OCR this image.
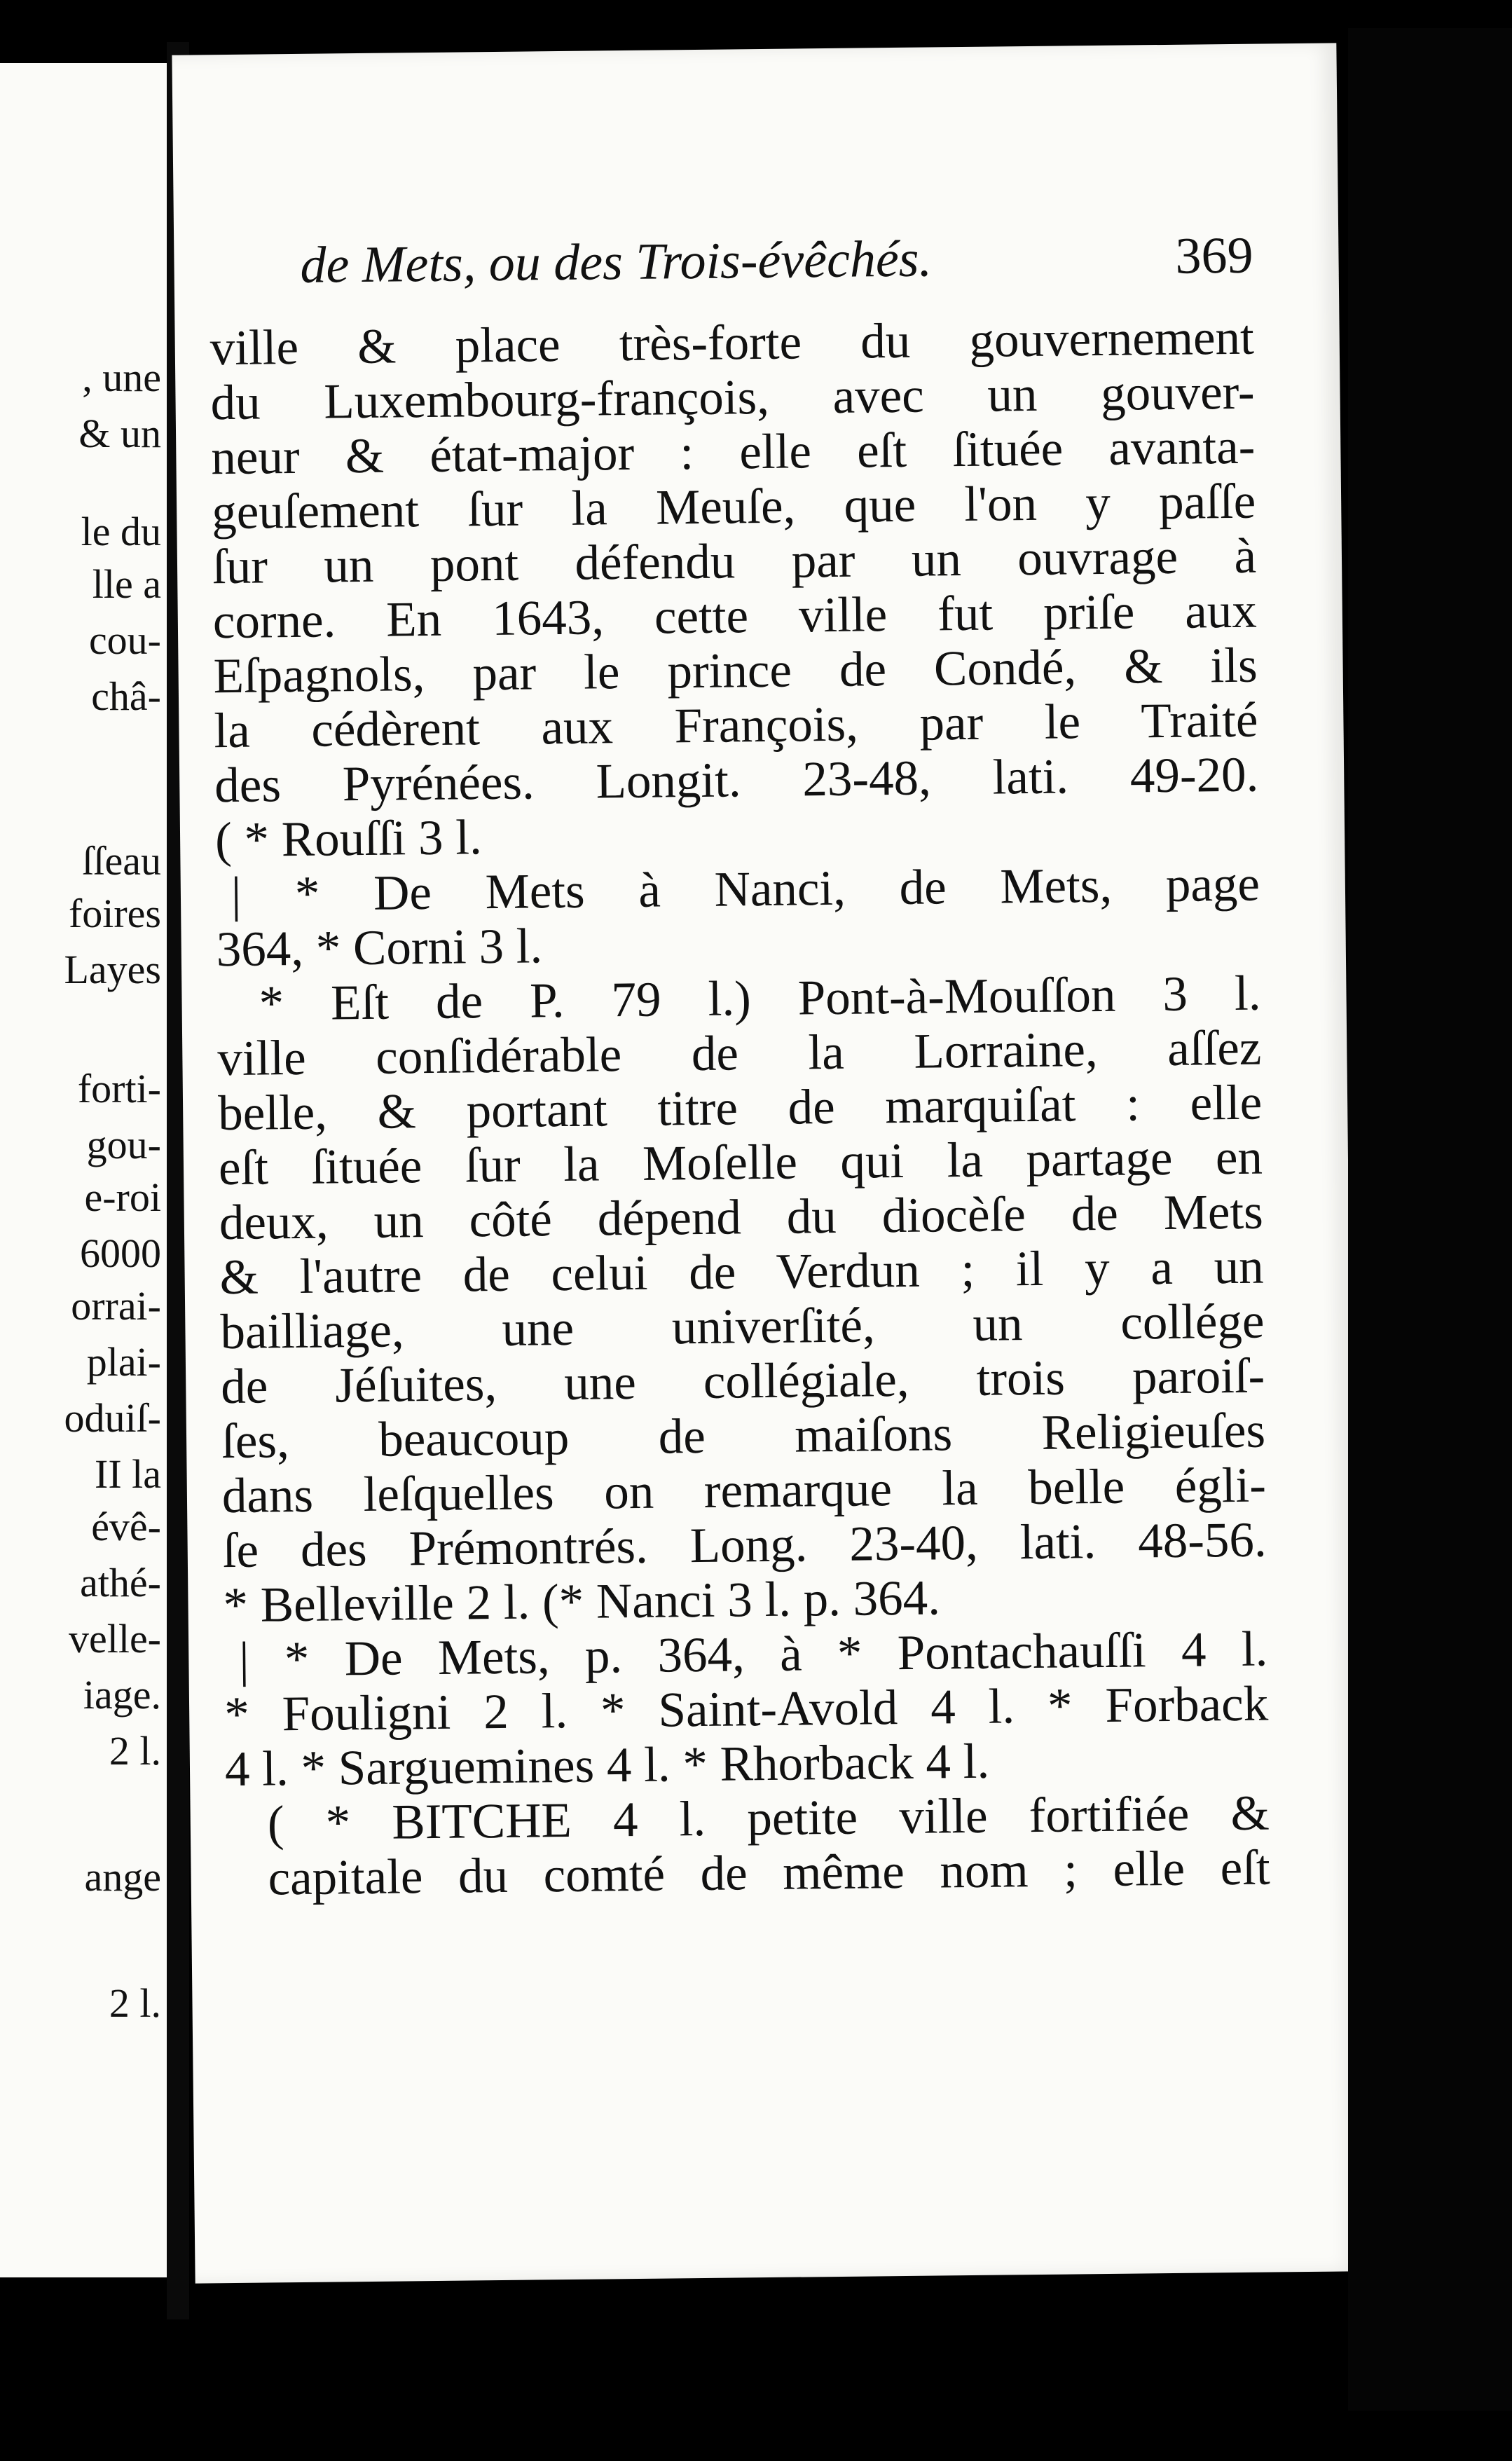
, une
& un
le du
lle a
cou-
châ-
ſſeau
foires
Layes
forti-
gou-
e-roi
6000
orrai-
plai-
oduiſ-
II la
évê-
athé-
velle-
iage.
2 l.
ange
2 l.
de Mets, ou des Trois-évêchés.	369
ville & place très-forte du gouvernement
du Luxembourg-françois, avec un gouver-
neur & état-major : elle eſt ſituée avanta-
geuſement ſur la Meuſe, que l'on y paſſe
ſur un pont défendu par un ouvrage à
corne. En 1643, cette ville fut priſe aux
Eſpagnols, par le prince de Condé, & ils
la cédèrent aux François, par le Traité
des Pyrénées. Longit. 23-48, lati. 49-20.
( * Rouſſi 3 l.
| * De Mets à Nanci, de Mets, page
364, * Corni 3 l.
* Eſt de P. 79 l.) Pont-à-Mouſſon 3 l.
ville conſidérable de la Lorraine, aſſez
belle, & portant titre de marquiſat : elle
eſt ſituée ſur la Moſelle qui la partage en
deux, un côté dépend du diocèſe de Mets
& l'autre de celui de Verdun ; il y a un
bailliage, une univerſité, un collége
de Jéſuites, une collégiale, trois paroiſ-
ſes, beaucoup de maiſons Religieuſes
dans leſquelles on remarque la belle égli-
ſe des Prémontrés. Long. 23-40, lati. 48-56.
* Belleville 2 l. (* Nanci 3 l. p. 364.
| * De Mets, p. 364, à * Pontachauſſi 4 l.
* Fouligni 2 l. * Saint-Avold 4 l. * Forback
4 l. * Sarguemines 4 l. * Rhorback 4 l.
( * BITCHE 4 l. petite ville fortifiée &
capitale du comté de même nom ; elle eſt
